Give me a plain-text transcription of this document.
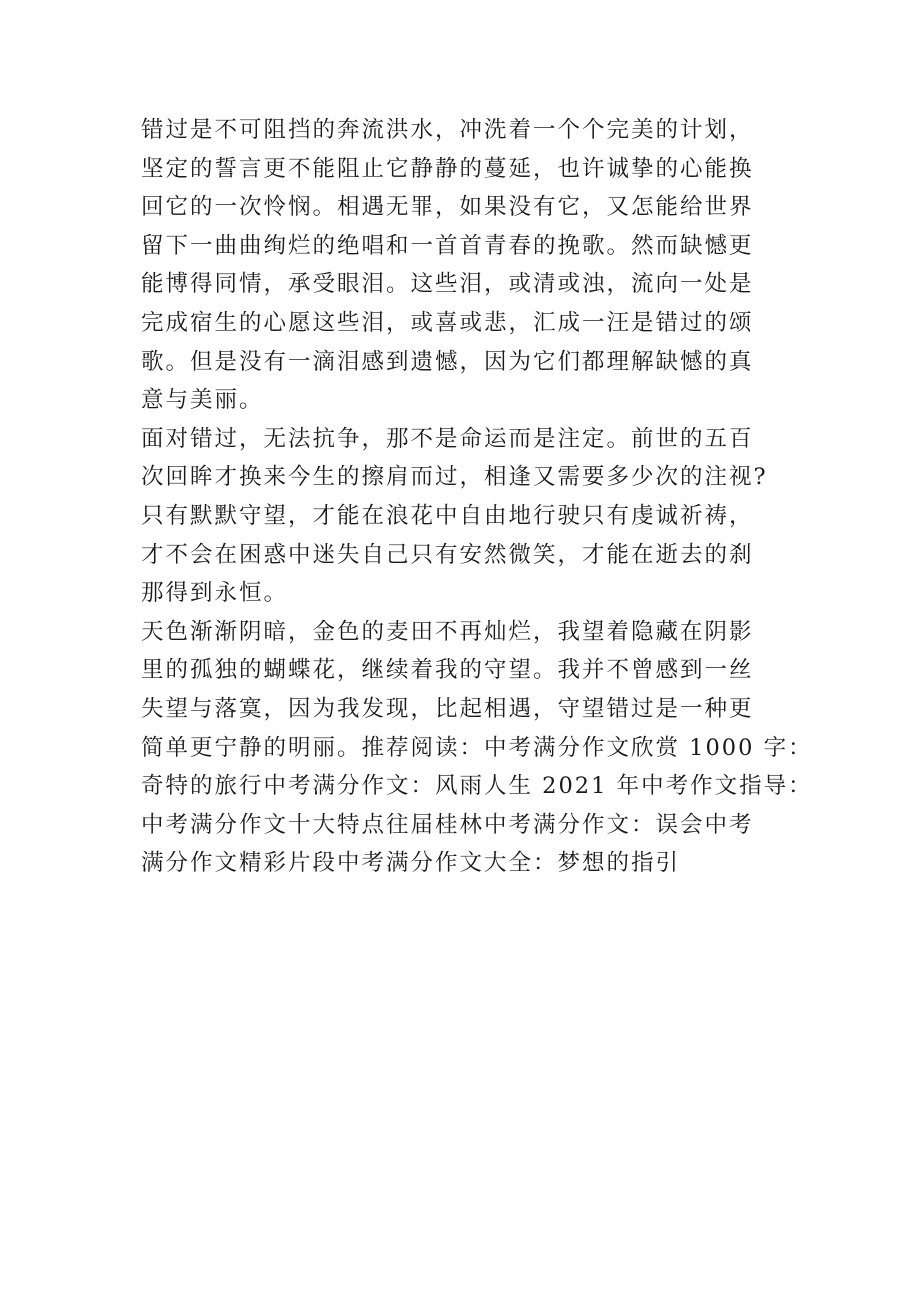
错过是不可阻挡的奔流洪水，冲洗着一个个完美的计划，
坚定的誓言更不能阻止它静静的蔓延，也许诚挚的心能换
回它的一次怜悯。相遇无罪，如果没有它，又怎能给世界
留下一曲曲绚烂的绝唱和一首首青春的挽歌。然而缺憾更
能博得同情，承受眼泪。这些泪，或清或浊，流向一处是
完成宿生的心愿这些泪，或喜或悲，汇成一汪是错过的颂
歌。但是没有一滴泪感到遗憾，因为它们都理解缺憾的真
意与美丽。
面对错过，无法抗争，那不是命运而是注定。前世的五百
次回眸才换来今生的擦肩而过，相逢又需要多少次的注视?
只有默默守望，才能在浪花中自由地行驶只有虔诚祈祷，
才不会在困惑中迷失自己只有安然微笑，才能在逝去的刹
那得到永恒。
天色渐渐阴暗，金色的麦田不再灿烂，我望着隐藏在阴影
里的孤独的蝴蝶花，继续着我的守望。我并不曾感到一丝
失望与落寞，因为我发现，比起相遇，守望错过是一种更
简单更宁静的明丽。推荐阅读：中考满分作文欣赏 1000 字：
奇特的旅行中考满分作文：风雨人生 2021 年中考作文指导：
中考满分作文十大特点往届桂林中考满分作文：误会中考
满分作文精彩片段中考满分作文大全：梦想的指引
